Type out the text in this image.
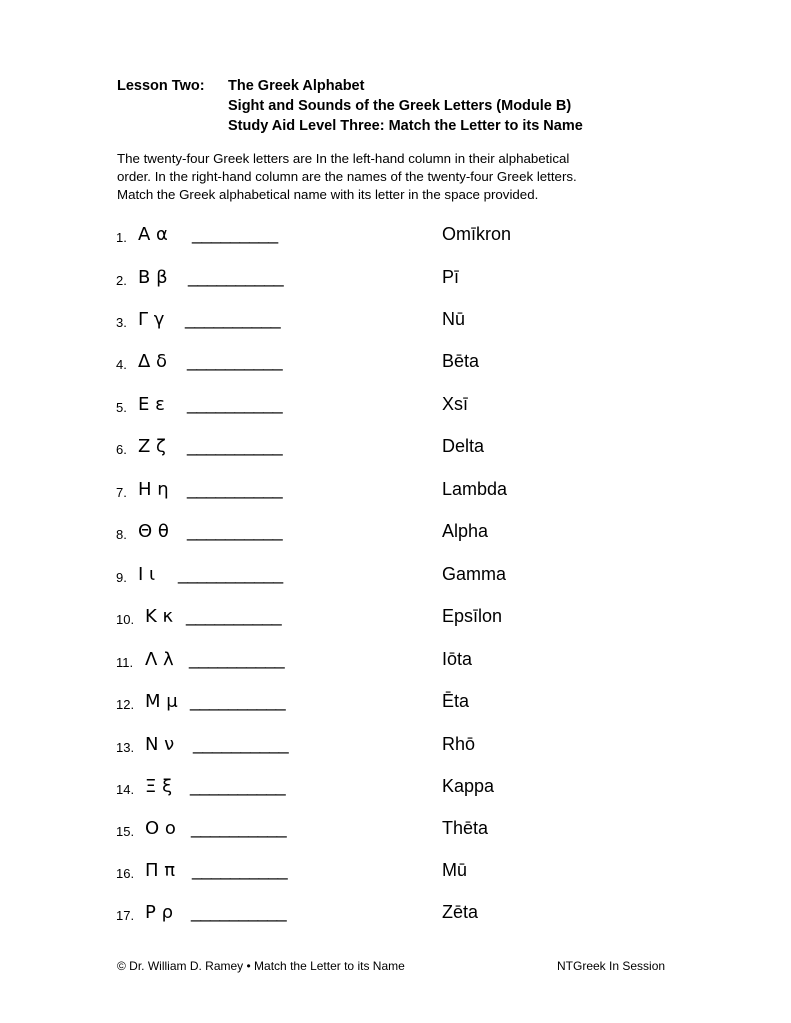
Lesson Two:	The Greek Alphabet
Sight and Sounds of the Greek Letters (Module B)
Study Aid Level Three: Match the Letter to its Name
The twenty-four Greek letters are In the left-hand column in their alphabetical
order. In the right-hand column are the names of the twenty-four Greek letters.
Match the Greek alphabetical name with its letter in the space provided.
1. Α α _________	Omīkron
2. Β β __________	Pī
3. Γ γ __________	Nū
4. Δ δ __________	Bēta
5. Ε ε __________	Xsī
6. Ζ ζ __________	Delta
7. Η η __________	Lambda
8. Θ θ __________	Alpha
9. Ι ι ___________	Gamma
10. Κ κ __________	Epsīlon
11. Λ λ __________	Iōta
12. Μ μ __________	Ēta
13. Ν ν __________	Rhō
14. Ξ ξ __________	Kappa
15. Ο ο __________	Thēta
16. Π π __________	Mū
17. Ρ ρ __________	Zēta
© Dr. William D. Ramey • Match the Letter to its Name	NTGreek In Session
